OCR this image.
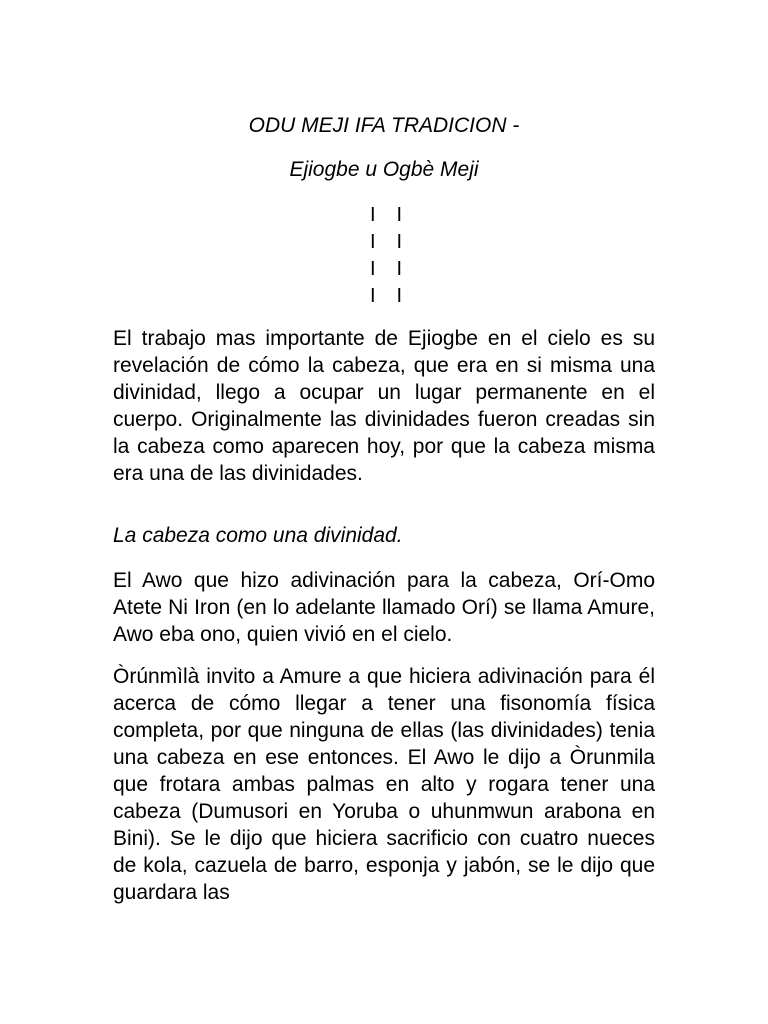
ODU MEJI IFA TRADICION -

Ejiogbe u Ogbè Meji

I I
I I
I I
I I

El trabajo mas importante de Ejiogbe en el cielo es su revelación de cómo la cabeza, que era en si misma una divinidad, llego a ocupar un lugar permanente en el cuerpo. Originalmente las divinidades fueron creadas sin la cabeza como aparecen hoy, por que la cabeza misma era una de las divinidades.

La cabeza como una divinidad.

El Awo que hizo adivinación para la cabeza, Orí-Omo Atete Ni Iron (en lo adelante llamado Orí) se llama Amure, Awo eba ono, quien vivió en el cielo.

Òrúnmìlà invito a Amure a que hiciera adivinación para él acerca de cómo llegar a tener una fisonomía física completa, por que ninguna de ellas (las divinidades) tenia una cabeza en ese entonces. El Awo le dijo a Òrunmila que frotara ambas palmas en alto y rogara tener una cabeza (Dumusori en Yoruba o uhunmwun arabona en Bini). Se le dijo que hiciera sacrificio con cuatro nueces de kola, cazuela de barro, esponja y jabón, se le dijo que guardara las
